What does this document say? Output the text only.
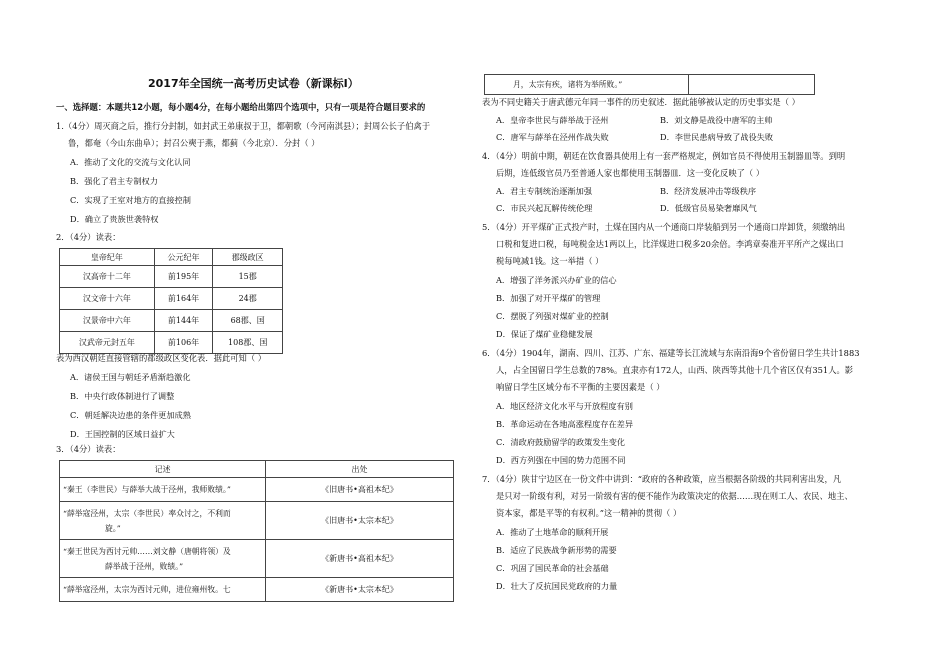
2017年全国统一高考历史试卷（新课标Ⅰ）
一、选择题：本题共12小题，每小题4分，在每小题给出第四个选项中，只有一项是符合题目要求的
1.（4分）周灭商之后，推行分封制，如封武王弟康叔于卫，都朝歌（今河南淇县）；封周公长子伯禽于
鲁，都奄（今山东曲阜）；封召公奭于燕，都蓟（今北京）．分封（ ）
A．推动了文化的交流与文化认同
B．强化了君主专制权力
C．实现了王室对地方的直接控制
D．确立了贵族世袭特权
2．（4分）读表：
皇帝纪年	公元纪年	郡级政区
汉高帝十二年	前195年	15郡
汉文帝十六年	前164年	24郡
汉景帝中六年	前144年	68郡、国
汉武帝元封五年	前106年	108郡、国
表为西汉朝廷直接管辖的郡级政区变化表．据此可知（ ）
A．诸侯王国与朝廷矛盾渐趋激化
B．中央行政体制进行了调整
C．朝廷解决边患的条件更加成熟
D．王国控制的区域日益扩大
3．（4分）读表：
记述	出处
“秦王（李世民）与薛举大战于泾州，我师败绩。”	《旧唐书•高祖本纪》

“薛举寇泾州，太宗（李世民）率众讨之，不利而
旋。”	《旧唐书•太宗本纪》

“秦王世民为西讨元帅……刘文静（唐朝将领）及
薛举战于泾州，败绩。”	《新唐书•高祖本纪》
“薛举寇泾州，太宗为西讨元帅，进位雍州牧。七	《新唐书•太宗本纪》
月，太宗有疾，诸将为举所败。”	
表为不同史籍关于唐武德元年同一事件的历史叙述．据此能够被认定的历史事实是（ ）
A．皇帝李世民与薛举战于泾州	B．刘文静是战役中唐军的主帅
C．唐军与薛举在泾州作战失败	D．李世民患病导致了战役失败
4．（4分）明前中期，朝廷在饮食器具使用上有一套严格规定，例如官员不得使用玉制器皿等。到明
后期，连低级官员乃至普通人家也都使用玉制器皿．这一变化反映了（ ）
A．君主专制统治逐渐加强	B．经济发展冲击等级秩序
C．市民兴起瓦解传统伦理	D．低级官员易染奢靡风气
5．（4分）开平煤矿正式投产时，土煤在国内从一个通商口岸装船到另一个通商口岸卸货，须缴纳出
口税和复进口税，每吨税金达1两以上，比洋煤进口税多20余倍。李鸿章奏准开平所产之煤出口
税每吨减1钱。这一举措（ ）
A．增强了洋务派兴办矿业的信心
B．加强了对开平煤矿的管理
C．摆脱了列强对煤矿业的控制
D．保证了煤矿业稳健发展
6．（4分）1904年，湖南、四川、江苏、广东、福建等长江流域与东南沿海9个省份留日学生共计1883
人，占全国留日学生总数的78%。直隶亦有172人，山西、陕西等其他十几个省区仅有351人。影
响留日学生区域分布不平衡的主要因素是（ ）
A．地区经济文化水平与开放程度有别
B．革命运动在各地高涨程度存在差异
C．清政府鼓励留学的政策发生变化
D．西方列强在中国的势力范围不同
7．（4分）陕甘宁边区在一份文件中讲到：“政府的各种政策，应当根据各阶级的共同利害出发，凡
是只对一阶级有利，对另一阶级有害的便不能作为政策决定的依据……现在则工人、农民、地主、
资本家，都是平等的有权利。”这一精神的贯彻（ ）
A．推动了土地革命的顺利开展
B．适应了民族战争新形势的需要
C．巩固了国民革命的社会基础
D．壮大了反抗国民党政府的力量
